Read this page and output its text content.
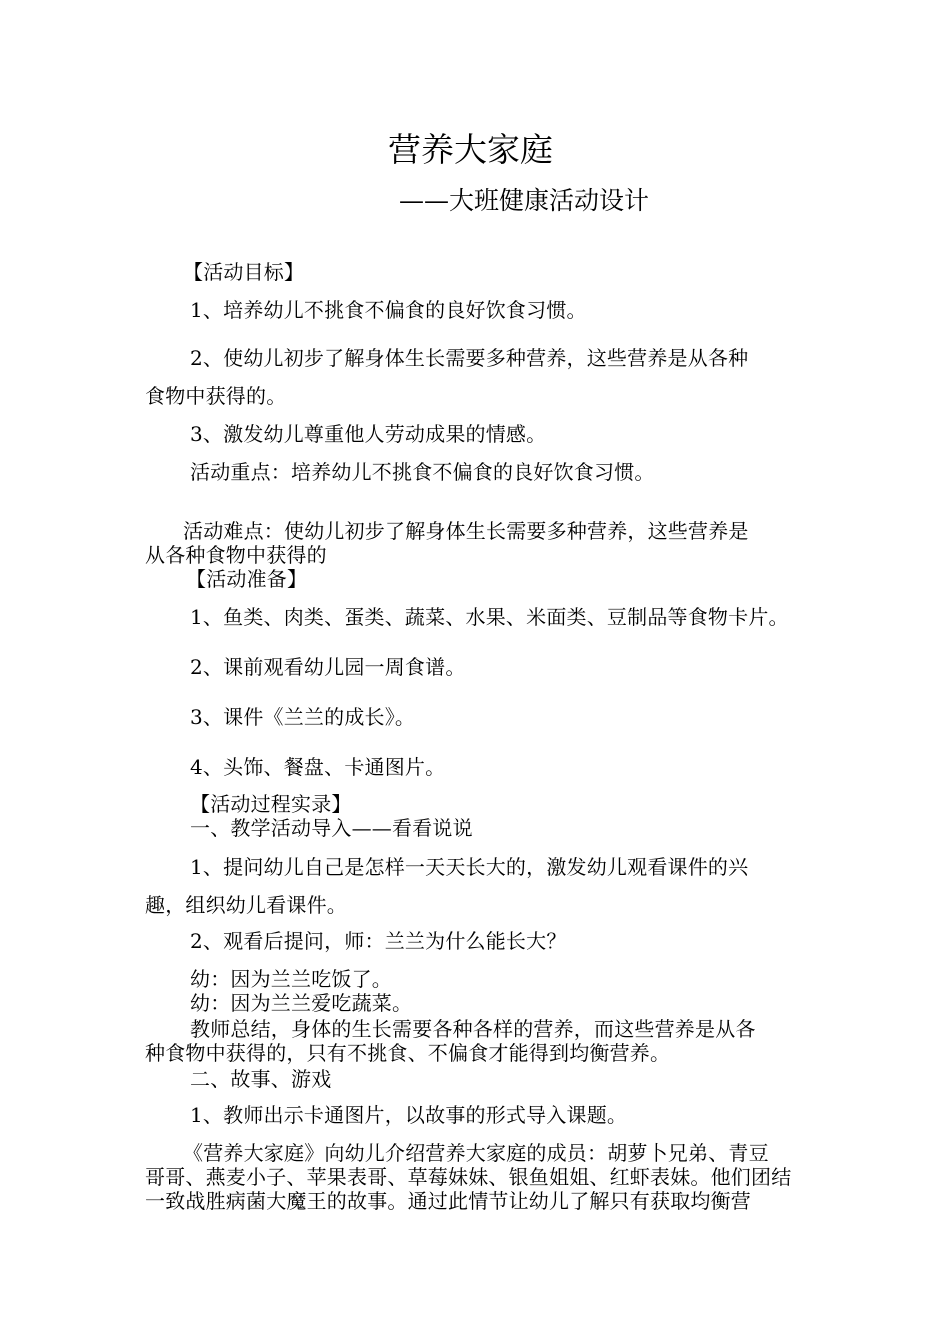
营养大家庭
——大班健康活动设计
【活动目标】
1、培养幼儿不挑食不偏食的良好饮食习惯。
2、使幼儿初步了解身体生长需要多种营养，这些营养是从各种
食物中获得的。
3、激发幼儿尊重他人劳动成果的情感。
活动重点：培养幼儿不挑食不偏食的良好饮食习惯。
活动难点：使幼儿初步了解身体生长需要多种营养，这些营养是
从各种食物中获得的
【活动准备】
1、鱼类、肉类、蛋类、蔬菜、水果、米面类、豆制品等食物卡片。
2、课前观看幼儿园一周食谱。
3、课件《兰兰的成长》。
4、头饰、餐盘、卡通图片。
【活动过程实录】
一、教学活动导入——看看说说
1、提问幼儿自己是怎样一天天长大的，激发幼儿观看课件的兴
趣，组织幼儿看课件。
2、观看后提问，师：兰兰为什么能长大？
幼：因为兰兰吃饭了。
幼：因为兰兰爱吃蔬菜。
教师总结，身体的生长需要各种各样的营养，而这些营养是从各
种食物中获得的，只有不挑食、不偏食才能得到均衡营养。
二、故事、游戏
1、教师出示卡通图片，以故事的形式导入课题。
《营养大家庭》向幼儿介绍营养大家庭的成员：胡萝卜兄弟、青豆
哥哥、燕麦小子、苹果表哥、草莓妹妹、银鱼姐姐、红虾表妹。他们团结
一致战胜病菌大魔王的故事。通过此情节让幼儿了解只有获取均衡营
